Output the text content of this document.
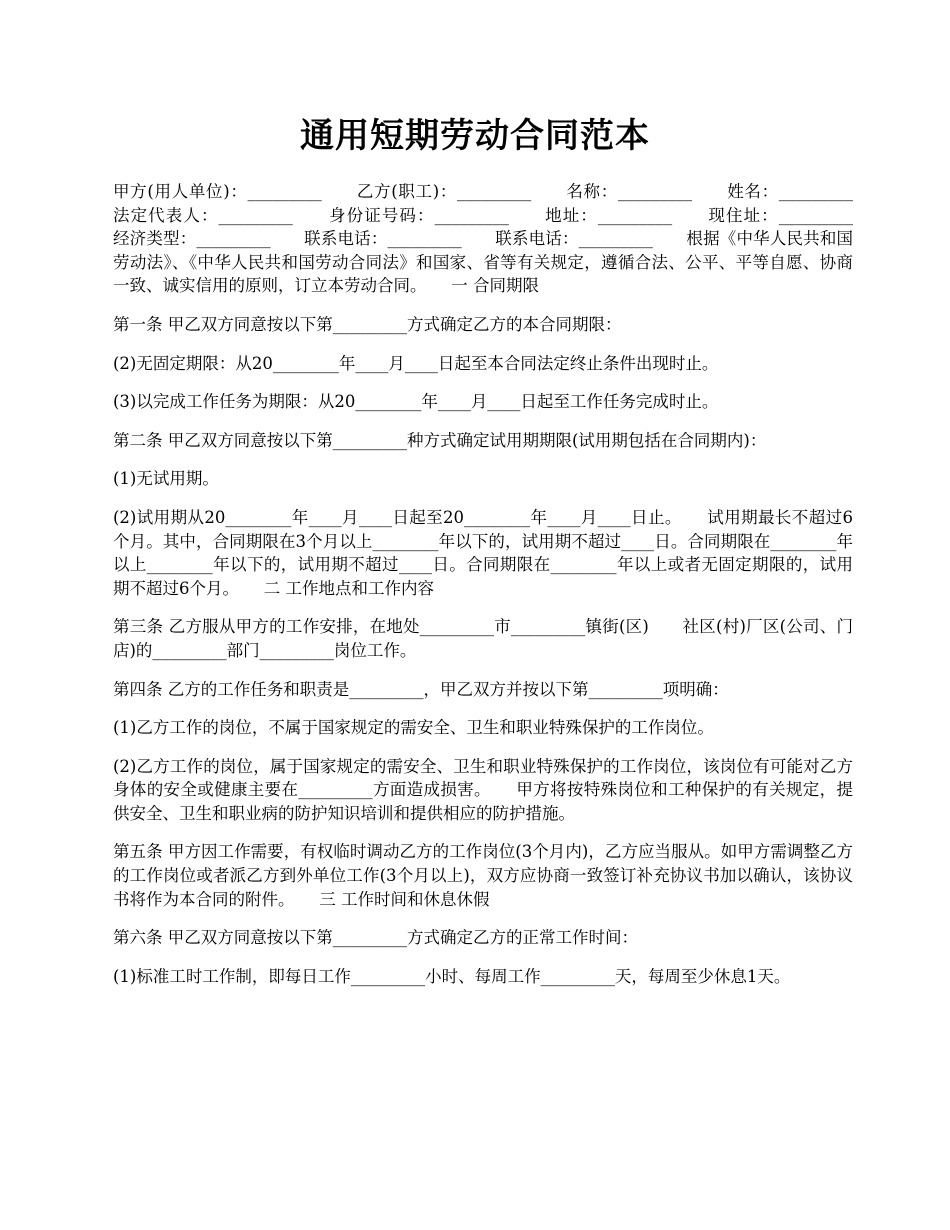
通用短期劳动合同范本

甲方(用人单位)：_________　　乙方(职工)：_________　　名称：_________　　姓名：_________　　法定代表人：_________　　身份证号码：_________　　地址：_________　　现住址：_________　　经济类型：_________　　联系电话：_________　　联系电话：_________　　根据《中华人民共和国劳动法》、《中华人民共和国劳动合同法》和国家、省等有关规定，遵循合法、公平、平等自愿、协商一致、诚实信用的原则，订立本劳动合同。　　一 合同期限

第一条 甲乙双方同意按以下第_________方式确定乙方的本合同期限：

(2)无固定期限：从20________年____月____日起至本合同法定终止条件出现时止。

(3)以完成工作任务为期限：从20________年____月____日起至工作任务完成时止。

第二条 甲乙双方同意按以下第_________种方式确定试用期期限(试用期包括在合同期内)：

(1)无试用期。

(2)试用期从20________年____月____日起至20________年____月____日止。　　试用期最长不超过6个月。其中，合同期限在3个月以上________年以下的，试用期不超过____日。合同期限在________年以上________年以下的，试用期不超过____日。合同期限在________年以上或者无固定期限的，试用期不超过6个月。　　二 工作地点和工作内容

第三条 乙方服从甲方的工作安排，在地处_________市_________镇街(区)　　社区(村)厂区(公司、门店)的_________部门_________岗位工作。

第四条 乙方的工作任务和职责是_________，甲乙双方并按以下第_________项明确：

(1)乙方工作的岗位，不属于国家规定的需安全、卫生和职业特殊保护的工作岗位。

(2)乙方工作的岗位，属于国家规定的需安全、卫生和职业特殊保护的工作岗位，该岗位有可能对乙方身体的安全或健康主要在_________方面造成损害。　　甲方将按特殊岗位和工种保护的有关规定，提供安全、卫生和职业病的防护知识培训和提供相应的防护措施。

第五条 甲方因工作需要，有权临时调动乙方的工作岗位(3个月内)，乙方应当服从。如甲方需调整乙方的工作岗位或者派乙方到外单位工作(3个月以上)，双方应协商一致签订补充协议书加以确认，该协议书将作为本合同的附件。　　三 工作时间和休息休假

第六条 甲乙双方同意按以下第_________方式确定乙方的正常工作时间：

(1)标准工时工作制，即每日工作_________小时、每周工作_________天，每周至少休息1天。
